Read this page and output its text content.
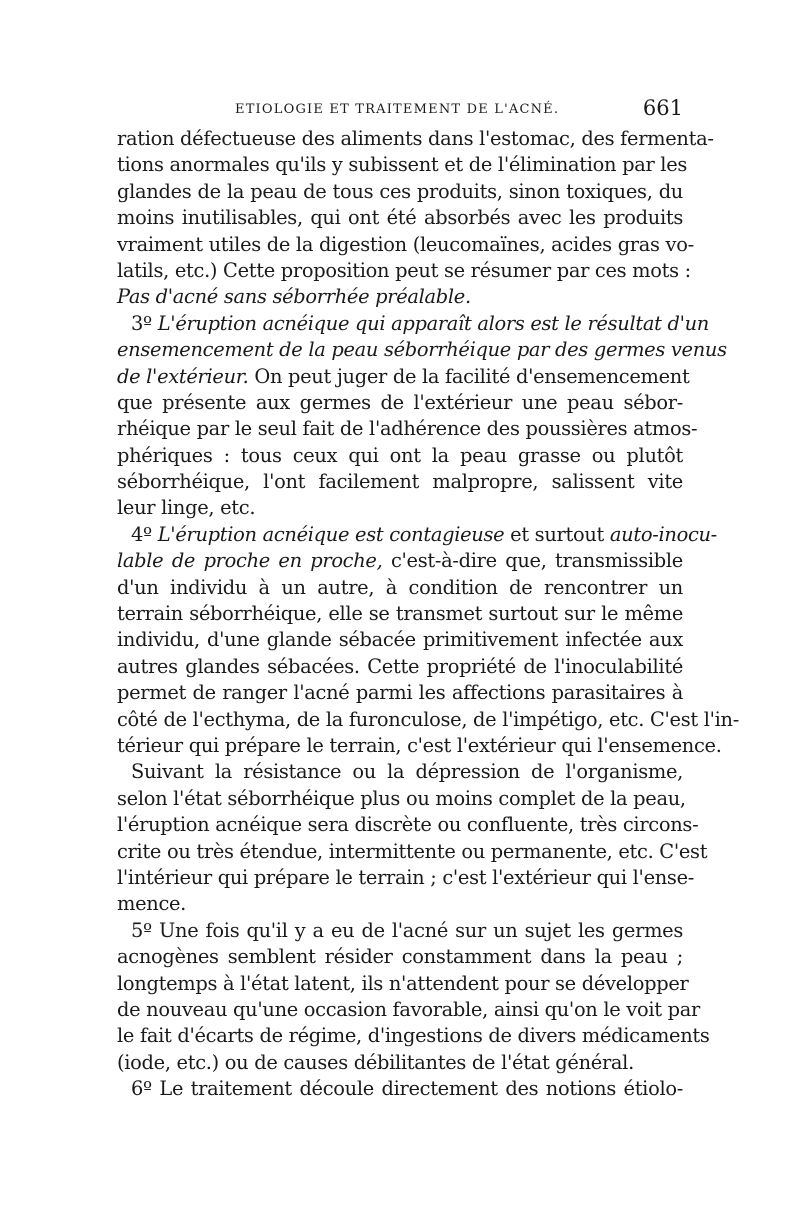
ETIOLOGIE ET TRAITEMENT DE L'ACNÉ.	661
ration défectueuse des aliments dans l'estomac, des fermenta-
tions anormales qu'ils y subissent et de l'élimination par les
glandes de la peau de tous ces produits, sinon toxiques, du
moins inutilisables, qui ont été absorbés avec les produits
vraiment utiles de la digestion (leucomaïnes, acides gras vo-
latils, etc.) Cette proposition peut se résumer par ces mots :
Pas d'acné sans séborrhée préalable.
3º L'éruption acnéique qui apparaît alors est le résultat d'un
ensemencement de la peau séborrhéique par des germes venus
de l'extérieur. On peut juger de la facilité d'ensemencement
que présente aux germes de l'extérieur une peau sébor-
rhéique par le seul fait de l'adhérence des poussières atmos-
phériques : tous ceux qui ont la peau grasse ou plutôt
séborrhéique, l'ont facilement malpropre, salissent vite
leur linge, etc.
4º L'éruption acnéique est contagieuse et surtout auto-inocu-
lable de proche en proche, c'est-à-dire que, transmissible
d'un individu à un autre, à condition de rencontrer un
terrain séborrhéique, elle se transmet surtout sur le même
individu, d'une glande sébacée primitivement infectée aux
autres glandes sébacées. Cette propriété de l'inoculabilité
permet de ranger l'acné parmi les affections parasitaires à
côté de l'ecthyma, de la furonculose, de l'impétigo, etc. C'est l'in-
térieur qui prépare le terrain, c'est l'extérieur qui l'ensemence.
Suivant la résistance ou la dépression de l'organisme,
selon l'état séborrhéique plus ou moins complet de la peau,
l'éruption acnéique sera discrète ou confluente, très circons-
crite ou très étendue, intermittente ou permanente, etc. C'est
l'intérieur qui prépare le terrain ; c'est l'extérieur qui l'ense-
mence.
5º Une fois qu'il y a eu de l'acné sur un sujet les germes
acnogènes semblent résider constamment dans la peau ;
longtemps à l'état latent, ils n'attendent pour se développer
de nouveau qu'une occasion favorable, ainsi qu'on le voit par
le fait d'écarts de régime, d'ingestions de divers médicaments
(iode, etc.) ou de causes débilitantes de l'état général.
6º Le traitement découle directement des notions étiolo-
